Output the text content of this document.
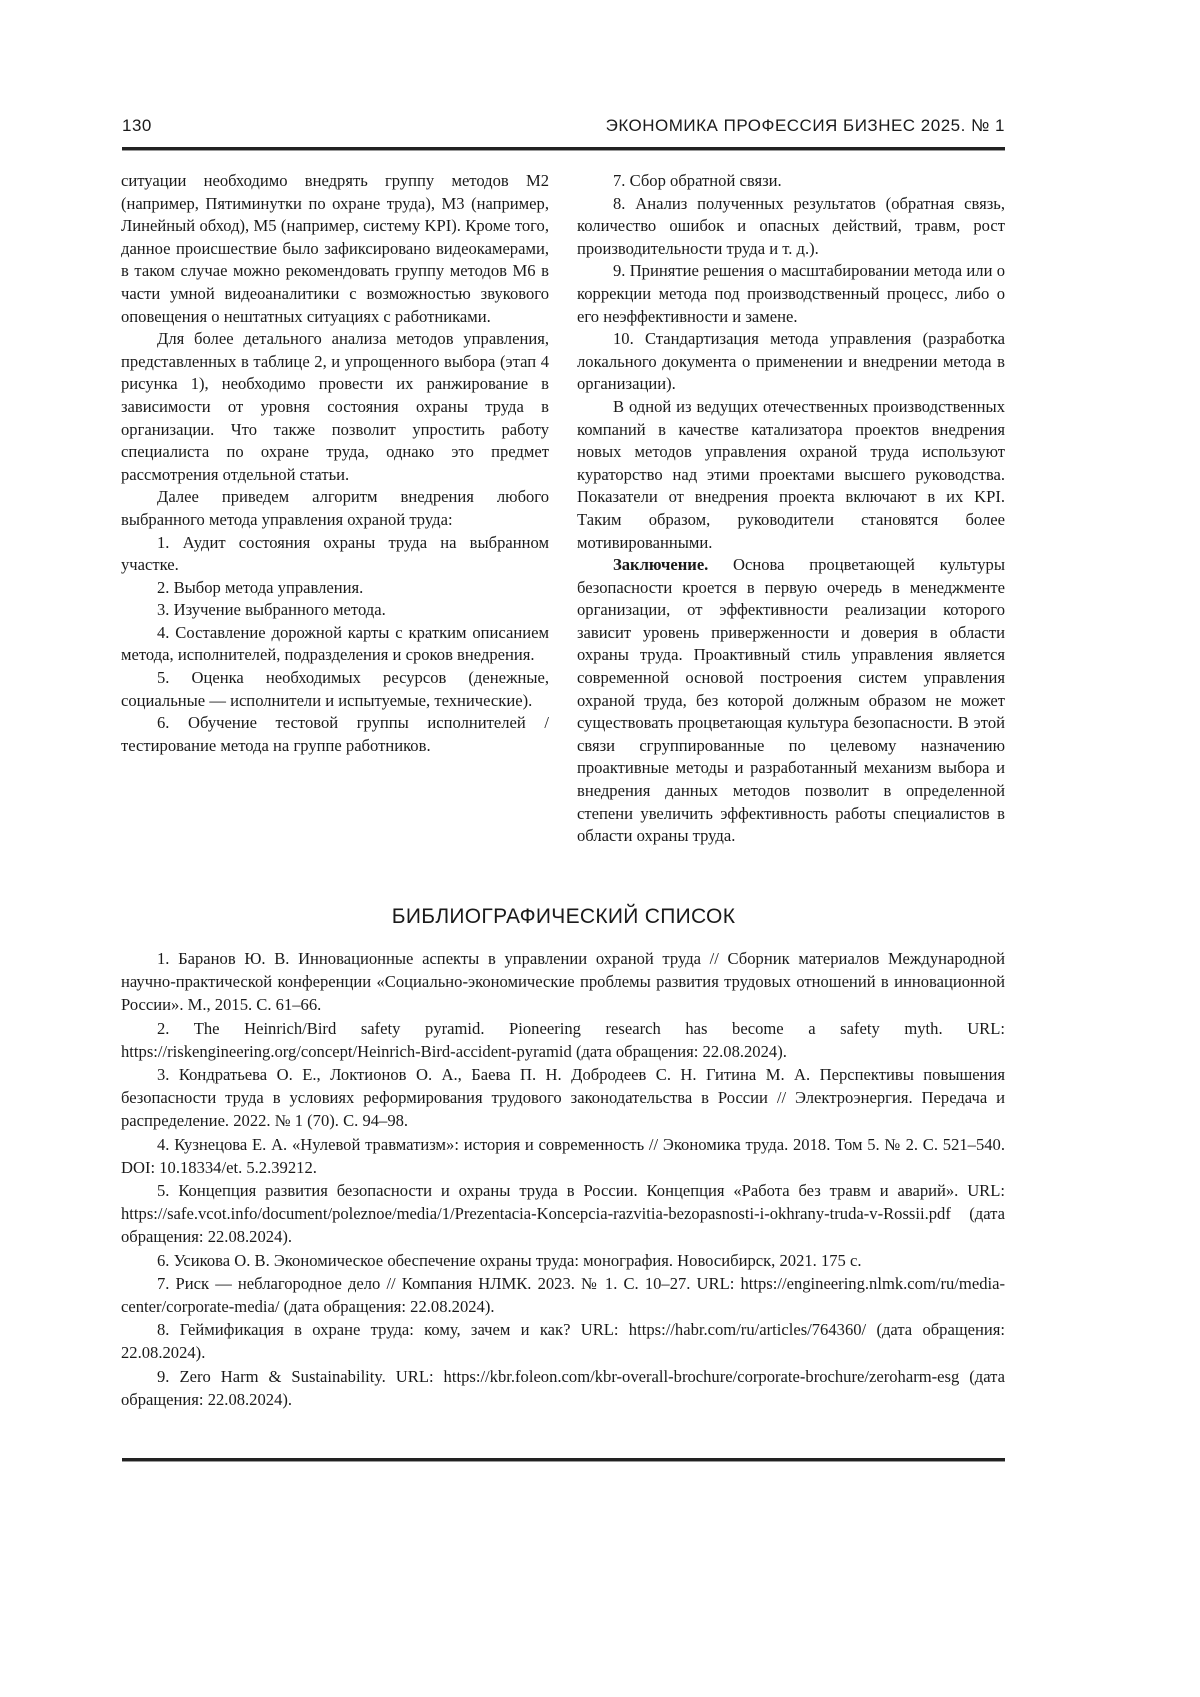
130	ЭКОНОМИКА ПРОФЕССИЯ БИЗНЕС 2025. № 1

ситуации необходимо внедрять группу методов М2 (например, Пятиминутки по охране труда), М3 (например, Линейный обход), М5 (например, систему KPI). Кроме того, данное происшествие было зафиксировано видеокамерами, в таком случае можно рекомендовать группу методов М6 в части умной видеоаналитики с возможностью звукового оповещения о нештатных ситуациях с работниками.

Для более детального анализа методов управления, представленных в таблице 2, и упрощенного выбора (этап 4 рисунка 1), необходимо провести их ранжирование в зависимости от уровня состояния охраны труда в организации. Что также позволит упростить работу специалиста по охране труда, однако это предмет рассмотрения отдельной статьи.

Далее приведем алгоритм внедрения любого выбранного метода управления охраной труда:

1. Аудит состояния охраны труда на выбранном участке.

2. Выбор метода управления.

3. Изучение выбранного метода.

4. Составление дорожной карты с кратким описанием метода, исполнителей, подразделения и сроков внедрения.

5. Оценка необходимых ресурсов (денежные, социальные — исполнители и испытуемые, технические).

6. Обучение тестовой группы исполнителей / тестирование метода на группе работников.

7. Сбор обратной связи.

8. Анализ полученных результатов (обратная связь, количество ошибок и опасных действий, травм, рост производительности труда и т. д.).

9. Принятие решения о масштабировании метода или о коррекции метода под производственный процесс, либо о его неэффективности и замене.

10. Стандартизация метода управления (разработка локального документа о применении и внедрении метода в организации).

В одной из ведущих отечественных производственных компаний в качестве катализатора проектов внедрения новых методов управления охраной труда используют кураторство над этими проектами высшего руководства. Показатели от внедрения проекта включают в их KPI. Таким образом, руководители становятся более мотивированными.

Заключение. Основа процветающей культуры безопасности кроется в первую очередь в менеджменте организации, от эффективности реализации которого зависит уровень приверженности и доверия в области охраны труда. Проактивный стиль управления является современной основой построения систем управления охраной труда, без которой должным образом не может существовать процветающая культура безопасности. В этой связи сгруппированные по целевому назначению проактивные методы и разработанный механизм выбора и внедрения данных методов позволит в определенной степени увеличить эффективность работы специалистов в области охраны труда.

БИБЛИОГРАФИЧЕСКИЙ СПИСОК

1. Баранов Ю. В. Инновационные аспекты в управлении охраной труда // Сборник материалов Международной научно-практической конференции «Социально-экономические проблемы развития трудовых отношений в инновационной России». М., 2015. С. 61–66.

2. The Heinrich/Bird safety pyramid. Pioneering research has become a safety myth. URL: https://riskengineering.org/concept/Heinrich-Bird-accident-pyramid (дата обращения: 22.08.2024).

3. Кондратьева О. Е., Локтионов О. А., Баева П. Н. Добродеев С. Н. Гитина М. А. Перспективы повышения безопасности труда в условиях реформирования трудового законодательства в России // Электроэнергия. Передача и распределение. 2022. № 1 (70). С. 94–98.

4. Кузнецова Е. А. «Нулевой травматизм»: история и современность // Экономика труда. 2018. Том 5. № 2. С. 521–540. DOI: 10.18334/et. 5.2.39212.

5. Концепция развития безопасности и охраны труда в России. Концепция «Работа без травм и аварий». URL: https://safe.vcot.info/document/poleznoe/media/1/Prezentacia-Koncepcia-razvitia-bezopasnosti-i-okhrany-truda-v-Rossii.pdf (дата обращения: 22.08.2024).

6. Усикова О. В. Экономическое обеспечение охраны труда: монография. Новосибирск, 2021. 175 с.

7. Риск — неблагородное дело // Компания НЛМК. 2023. № 1. С. 10–27. URL: https://engineering.nlmk.com/ru/media-center/corporate-media/ (дата обращения: 22.08.2024).

8. Геймификация в охране труда: кому, зачем и как? URL: https://habr.com/ru/articles/764360/ (дата обращения: 22.08.2024).

9. Zero Harm & Sustainability. URL: https://kbr.foleon.com/kbr-overall-brochure/corporate-brochure/zeroharm-esg (дата обращения: 22.08.2024).
